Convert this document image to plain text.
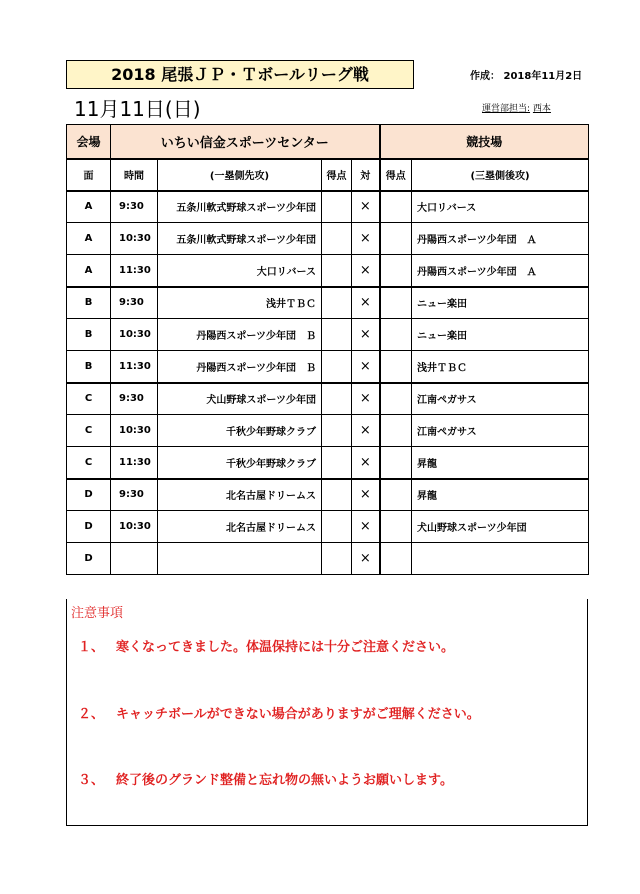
2018 尾張ＪＰ・Ｔボールリーグ戦	作成： 2018年11月2日
11月11日(日)	運営部担当: 西本
会場	いちい信金スポーツセンター				競技場	
面	時間	(一塁側先攻)	得点	対	得点	(三塁側後攻)
A	9:30	五条川軟式野球スポーツ少年団		×		大口リバース
A	10:30	五条川軟式野球スポーツ少年団		×		丹陽西スポーツ少年団　Ａ
A	11:30	大口リバース		×		丹陽西スポーツ少年団　Ａ
B	9:30	浅井ＴＢＣ		×		ニュー楽田
B	10:30	丹陽西スポーツ少年団　Ｂ		×		ニュー楽田
B	11:30	丹陽西スポーツ少年団　Ｂ		×		浅井ＴＢＣ
C	9:30	犬山野球スポーツ少年団		×		江南ペガサス
C	10:30	千秋少年野球クラブ		×		江南ペガサス
C	11:30	千秋少年野球クラブ		×		昇龍
D	9:30	北名古屋ドリームス		×		昇龍
D	10:30	北名古屋ドリームス		×		犬山野球スポーツ少年団
D				×		
注意事項
１、 寒くなってきました。体温保持には十分ご注意ください。
２、 キャッチボールができない場合がありますがご理解ください。
３、 終了後のグランド整備と忘れ物の無いようお願いします。
